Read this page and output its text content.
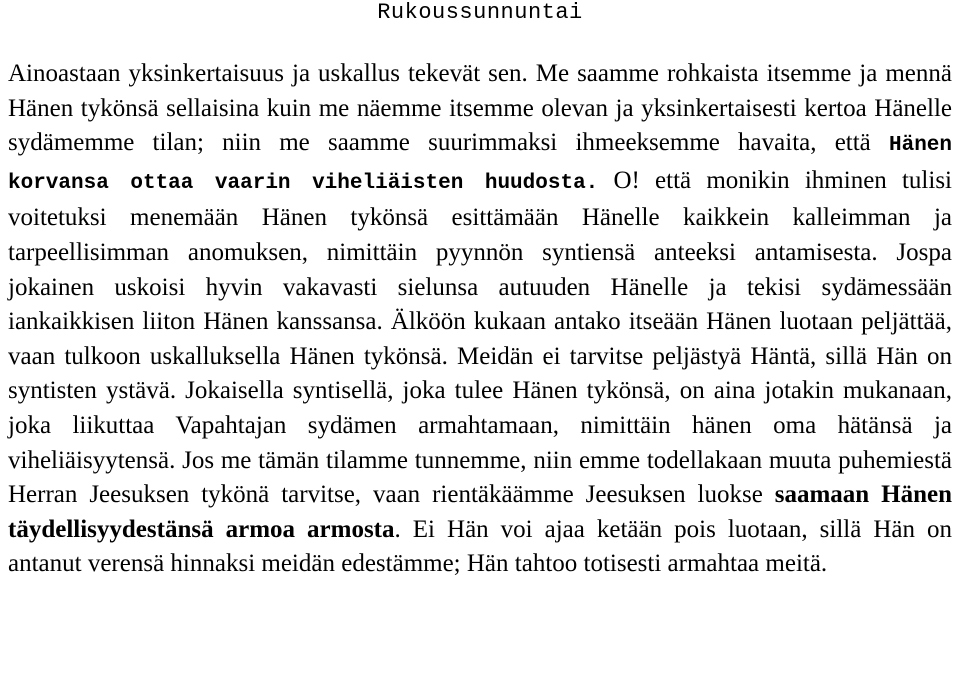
Rukoussunnuntai

Ainoastaan yksinkertaisuus ja uskallus tekevät sen. Me saamme rohkaista itsemme ja mennä Hänen tykönsä sellaisina kuin me näemme itsemme olevan ja yksinkertaisesti kertoa Hänelle sydämemme tilan; niin me saamme suurimmaksi ihmeeksemme havaita, että Hänen korvansa ottaa vaarin viheliäisten huudosta. O! että monikin ihminen tulisi voitetuksi menemään Hänen tykönsä esittämään Hänelle kaikkein kalleimman ja tarpeellisimman anomuksen, nimittäin pyynnön syntiensä anteeksi antamisesta. Jospa jokainen uskoisi hyvin vakavasti sielunsa autuuden Hänelle ja tekisi sydämessään iankaikkisen liiton Hänen kanssansa. Älköön kukaan antako itseään Hänen luotaan peljättää, vaan tulkoon uskalluksella Hänen tykönsä. Meidän ei tarvitse peljästyä Häntä, sillä Hän on syntisten ystävä. Jokaisella syntisellä, joka tulee Hänen tykönsä, on aina jotakin mukanaan, joka liikuttaa Vapahtajan sydämen armahtamaan, nimittäin hänen oma hätänsä ja viheliäisyytensä. Jos me tämän tilamme tunnemme, niin emme todellakaan muuta puhemiestä Herran Jeesuksen tykönä tarvitse, vaan rientäkäämme Jeesuksen luokse saamaan Hänen täydellisyydestänsä armoa armosta. Ei Hän voi ajaa ketään pois luotaan, sillä Hän on antanut verensä hinnaksi meidän edestämme; Hän tahtoo totisesti armahtaa meitä.
